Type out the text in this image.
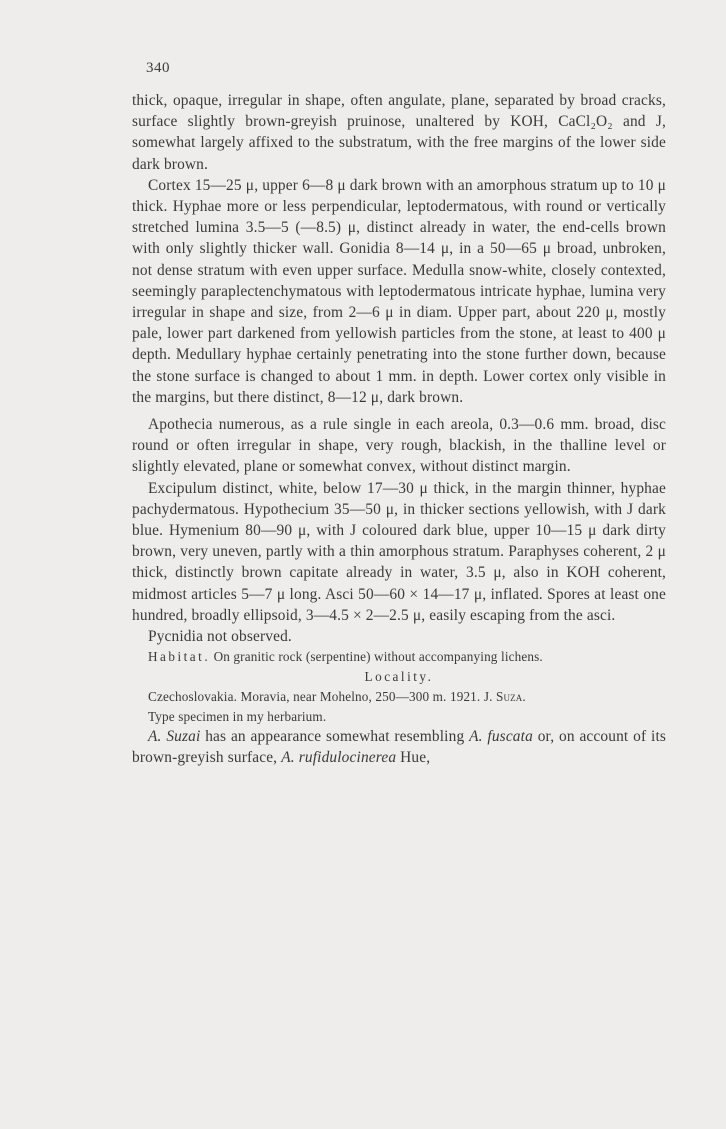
340

thick, opaque, irregular in shape, often angulate, plane, separated by broad cracks, surface slightly brown-greyish pruinose, unaltered by KOH, CaCl₂O₂ and J, somewhat largely affixed to the substratum, with the free margins of the lower side dark brown.

Cortex 15—25 μ, upper 6—8 μ dark brown with an amorphous stratum up to 10 μ thick. Hyphae more or less perpendicular, leptodermatous, with round or vertically stretched lumina 3.5—5 (—8.5) μ, distinct already in water, the end-cells brown with only slightly thicker wall. Gonidia 8—14 μ, in a 50—65 μ broad, unbroken, not dense stratum with even upper surface. Medulla snow-white, closely contexted, seemingly paraplectenchymatous with leptodermatous intricate hyphae, lumina very irregular in shape and size, from 2—6 μ in diam. Upper part, about 220 μ, mostly pale, lower part darkened from yellowish particles from the stone, at least to 400 μ depth. Medullary hyphae certainly penetrating into the stone further down, because the stone surface is changed to about 1 mm. in depth. Lower cortex only visible in the margins, but there distinct, 8—12 μ, dark brown.

Apothecia numerous, as a rule single in each areola, 0.3—0.6 mm. broad, disc round or often irregular in shape, very rough, blackish, in the thalline level or slightly elevated, plane or somewhat convex, without distinct margin.

Excipulum distinct, white, below 17—30 μ thick, in the margin thinner, hyphae pachydermatous. Hypothecium 35—50 μ, in thicker sections yellowish, with J dark blue. Hymenium 80—90 μ, with J coloured dark blue, upper 10—15 μ dark dirty brown, very uneven, partly with a thin amorphous stratum. Paraphyses coherent, 2 μ thick, distinctly brown capitate already in water, 3.5 μ, also in KOH coherent, midmost articles 5—7 μ long. Asci 50—60 × 14—17 μ, inflated. Spores at least one hundred, broadly ellipsoid, 3—4.5 × 2—2.5 μ, easily escaping from the asci.

Pycnidia not observed.

Habitat. On granitic rock (serpentine) without accompanying lichens.

Locality.

Czechoslovakia. Moravia, near Mohelno, 250—300 m. 1921. J. Suza.

Type specimen in my herbarium.

A. Suzai has an appearance somewhat resembling A. fuscata or, on account of its brown-greyish surface, A. rufidulocinerea Hue,
